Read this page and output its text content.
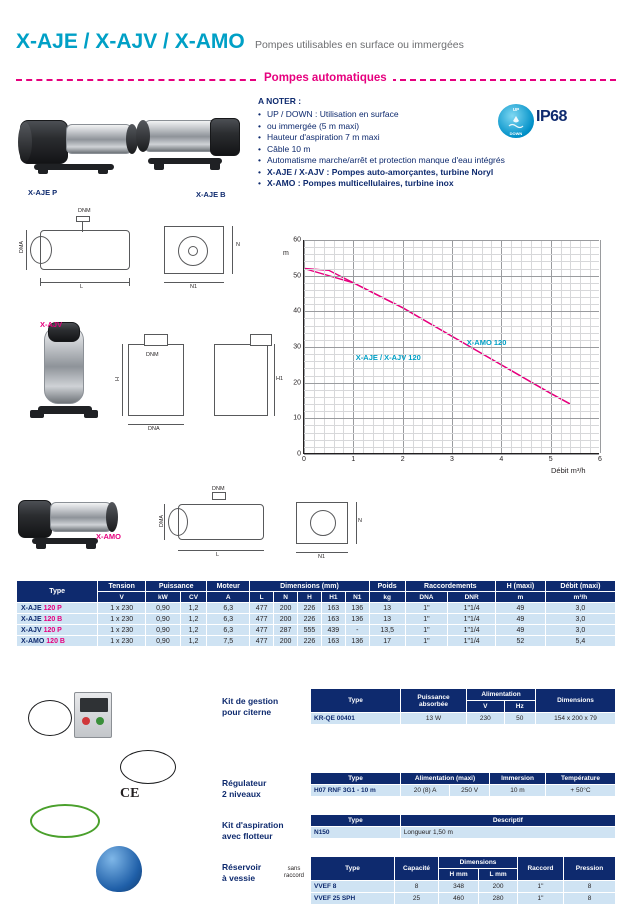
X-AJE / X-AJV / X-AMO Pompes utilisables en surface ou immergées
Pompes automatiques
A NOTER :
• UP / DOWN : Utilisation en surface
• ou immergée (5 m maxi)
• Hauteur d'aspiration 7 m maxi
• Câble 10 m
• Automatisme marche/arrêt et protection manque d'eau intégrés
• X-AJE / X-AJV : Pompes auto-amorçantes, turbine Noryl
• X-AMO : Pompes multicellulaires, turbine inox
UP
DOWN
IP68
X-AJE P	X-AJE B
DNM
DMA
L
N
N1
X-AJV
H
DNM
DNA
H1
X-AMO
DNM
DMA
L
N
N1
0
10
20
30
40
50
60
0	1	2	3	4	5	6
X-AMO 120
X-AJE / X-AJV 120
m
Débit m³/h
Type	Tension	Puissance		Moteur	Dimensions (mm)					Poids	Raccordements		H (maxi)	Débit (maxi)
	V	kW	CV	A	L	N	H	H1	N1	kg	DNA	DNR	m	m³/h
X-AJE 120 P	1 x 230	0,90	1,2	6,3	477	200	226	163	136	13	1"	1"1/4	49	3,0
X-AJE 120 B	1 x 230	0,90	1,2	6,3	477	200	226	163	136	13	1"	1"1/4	49	3,0
X-AJV 120 P	1 x 230	0,90	1,2	6,3	477	287	555	439	-	13,5	1"	1"1/4	49	3,0
X-AMO 120 B	1 x 230	0,90	1,2	7,5	477	200	226	163	136	17	1"	1"1/4	52	5,4
CE
Kit de gestion
pour citerne
Régulateur
2 niveaux
Kit d'aspiration
avec flotteur
Réservoir
à vessie
Type	Puissance absorbée	Alimentation		Dimensions
		V	Hz
KR-QE 00401	13 W	230	50	154 x 200 x 79
Type	Alimentation (maxi)		Immersion	Température
H07 RNF 3G1 - 10 m	20 (8) A	250 V	10 m	+ 50°C
Type	Descriptif
N150	Longueur 1,50 m
Type	Capacité	Dimensions		Raccord	Pression
		H mm	L mm		
VVEF 8	8	348	200	1"	8
VVEF 25 SPH	25	460	280	1"	8
sans
raccord
